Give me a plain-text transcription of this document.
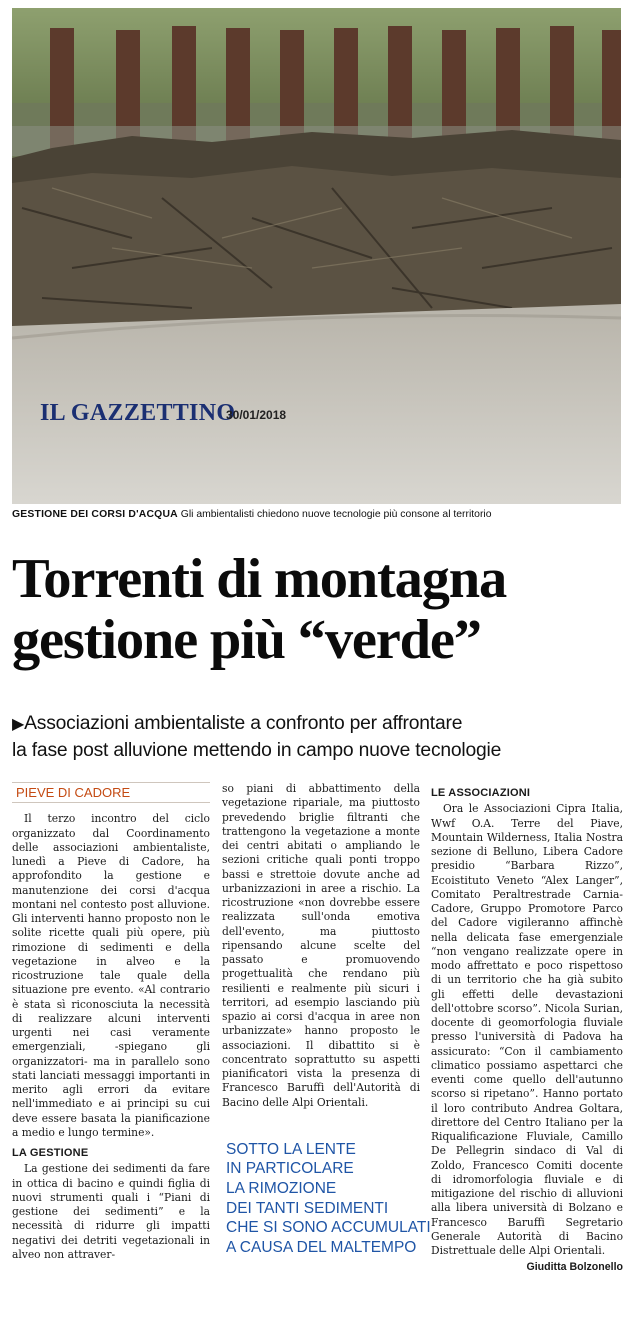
IL GAZZETTINO
30/01/2018
GESTIONE DEI CORSI D'ACQUA Gli ambientalisti chiedono nuove tecnologie più consone al territorio
Torrenti di montagna
gestione più “verde”
▶Associazioni ambientaliste a confronto per affrontare
la fase post alluvione mettendo in campo nuove tecnologie
PIEVE DI CADORE

Il terzo incontro del ciclo organizzato dal Coordinamento delle associazioni ambientaliste, lunedì a Pieve di Cadore, ha approfondito la gestione e manutenzione dei corsi d'acqua montani nel contesto post alluvione. Gli interventi hanno proposto non le solite ricette quali più opere, più rimozione di sedimenti e della vegetazione in alveo e la ricostruzione tale quale della situazione pre evento. «Al contrario è stata sì riconosciuta la necessità di realizzare alcuni interventi urgenti nei casi veramente emergenziali, -spiegano gli organizzatori- ma in parallelo sono stati lanciati messaggi importanti in merito agli errori da evitare nell'immediato e ai principi su cui deve essere basata la pianificazione a medio e lungo termine».

LA GESTIONE

La gestione dei sedimenti da fare in ottica di bacino e quindi figlia di nuovi strumenti quali i “Piani di gestione dei sedimenti” e la necessità di ridurre gli impatti negativi dei detriti vegetazionali in alveo non attraver-

so piani di abbattimento della vegetazione ripariale, ma piuttosto prevedendo briglie filtranti che trattengono la vegetazione a monte dei centri abitati o ampliando le sezioni critiche quali ponti troppo bassi e strettoie dovute anche ad urbanizzazioni in aree a rischio. La ricostruzione «non dovrebbe essere realizzata sull'onda emotiva dell'evento, ma piuttosto ripensando alcune scelte del passato e promuovendo progettualità che rendano più resilienti e realmente più sicuri i territori, ad esempio lasciando più spazio ai corsi d'acqua in aree non urbanizzate» hanno proposto le associazioni. Il dibattito si è concentrato soprattutto su aspetti pianificatori vista la presenza di Francesco Baruffi dell'Autorità di Bacino delle Alpi Orientali.

SOTTO LA LENTE
IN PARTICOLARE
LA RIMOZIONE
DEI TANTI SEDIMENTI
CHE SI SONO ACCUMULATI
A CAUSA DEL MALTEMPO
LE ASSOCIAZIONI

Ora le Associazioni Cipra Italia, Wwf O.A. Terre del Piave, Mountain Wilderness, Italia Nostra sezione di Belluno, Libera Cadore presidio “Barbara Rizzo”, Ecoistituto Veneto “Alex Langer”, Comitato Peraltrestrade Carnia-Cadore, Gruppo Promotore Parco del Cadore vigileranno affinchè nella delicata fase emergenziale “non vengano realizzate opere in modo affrettato e poco rispettoso di un territorio che ha già subito gli effetti delle devastazioni dell'ottobre scorso”. Nicola Surian, docente di geomorfologia fluviale presso l'università di Padova ha assicurato: “Con il cambiamento climatico possiamo aspettarci che eventi come quello dell'autunno scorso si ripetano”. Hanno portato il loro contributo Andrea Goltara, direttore del Centro Italiano per la Riqualificazione Fluviale, Camillo De Pellegrin sindaco di Val di Zoldo, Francesco Comiti docente di idromorfologia fluviale e di mitigazione del rischio di alluvioni alla libera università di Bolzano e Francesco Baruffi Segretario Generale Autorità di Bacino Distrettuale delle Alpi Orientali.

Giuditta Bolzonello
